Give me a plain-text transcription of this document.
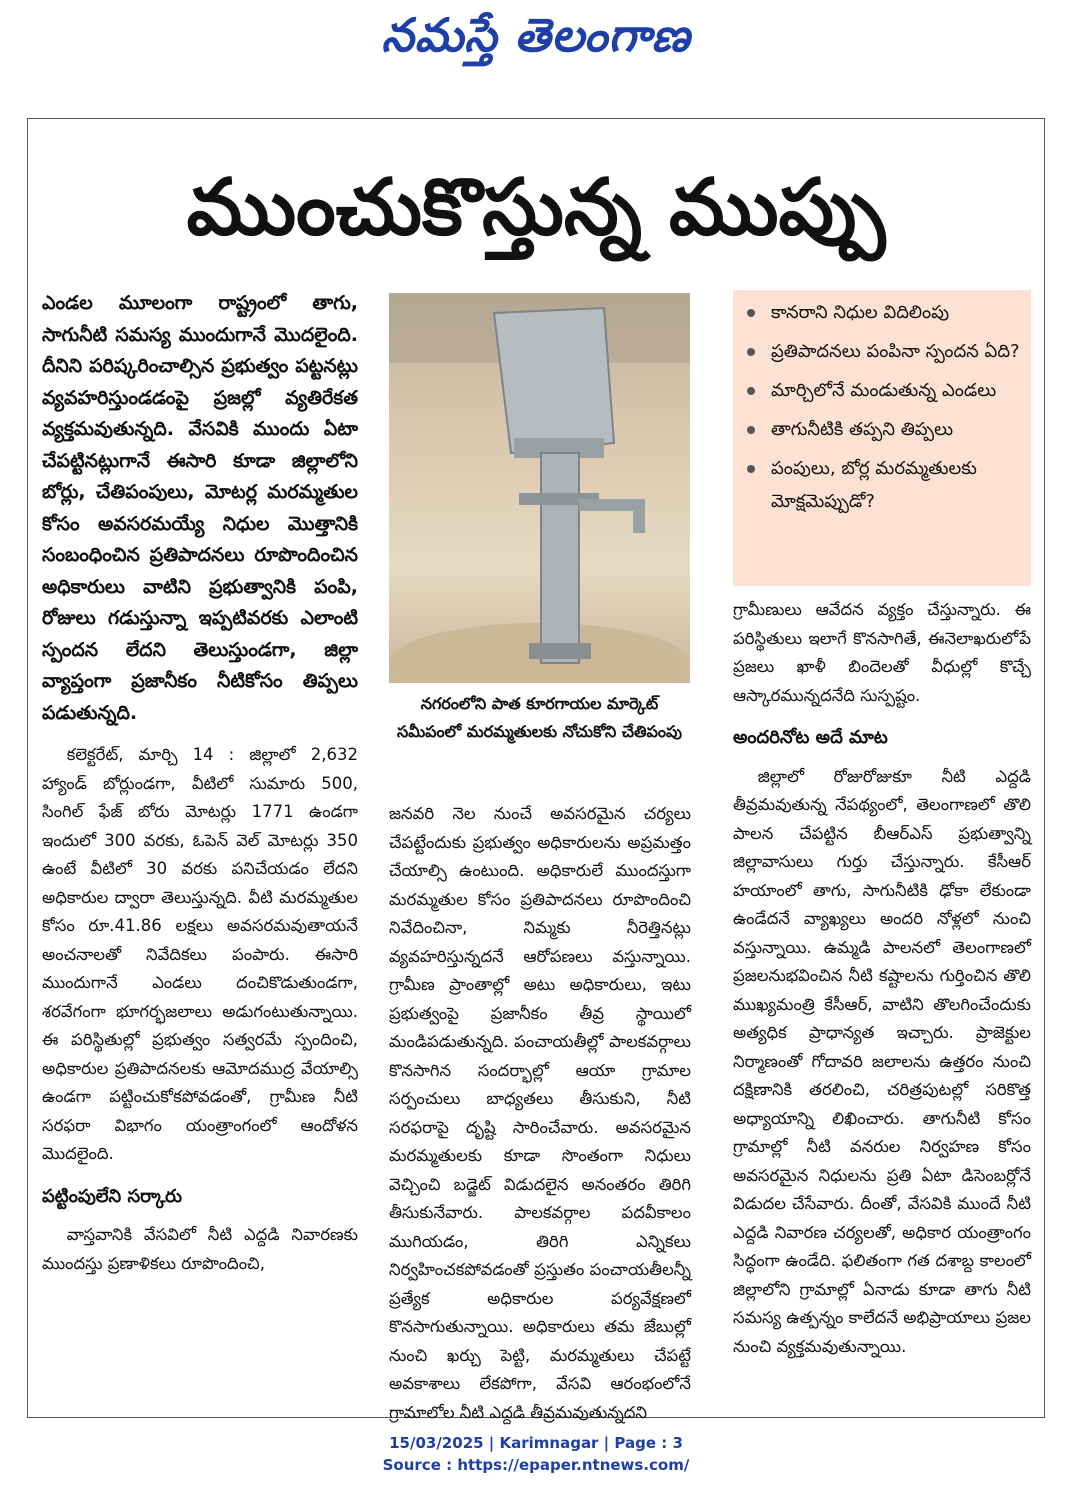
నమస్తే తెలంగాణ
ముంచుకొస్తున్న ముప్పు

ఎండల మూలంగా రాష్ట్రంలో తాగు, సాగునీటి సమస్య ముందుగానే మొదలైంది. దీనిని పరిష్కరించాల్సిన ప్రభుత్వం పట్టనట్లు వ్యవహరిస్తుండడంపై ప్రజల్లో వ్యతిరేకత వ్యక్తమవుతున్నది. వేసవికి ముందు ఏటా చేపట్టినట్లుగానే ఈసారి కూడా జిల్లాలోని బోర్లు, చేతిపంపులు, మోటర్ల మరమ్మతుల కోసం అవసరమయ్యే నిధుల మొత్తానికి సంబంధించిన ప్రతిపాదనలు రూపొందించిన అధికారులు వాటిని ప్రభుత్వానికి పంపి, రోజులు గడుస్తున్నా ఇప్పటివరకు ఎలాంటి స్పందన లేదని తెలుస్తుండగా, జిల్లా వ్యాప్తంగా ప్రజానీకం నీటికోసం తిప్పలు పడుతున్నది.

కలెక్టరేట్, మార్చి 14 : జిల్లాలో 2,632 హ్యాండ్ బోర్లుండగా, వీటిలో సుమారు 500, సింగిల్ ఫేజ్ బోరు మోటర్లు 1771 ఉండగా ఇందులో 300 వరకు, ఓపెన్ వెల్ మోటర్లు 350 ఉంటే వీటిలో 30 వరకు పనిచేయడం లేదని అధికారుల ద్వారా తెలుస్తున్నది. వీటి మరమ్మతుల కోసం రూ.41.86 లక్షలు అవసరమవుతాయనే అంచనాలతో నివేదికలు పంపారు. ఈసారి ముందుగానే ఎండలు దంచికొడుతుండగా, శరవేగంగా భూగర్భజలాలు అడుగంటుతున్నాయి. ఈ పరిస్థితుల్లో ప్రభుత్వం సత్వరమే స్పందించి, అధికారుల ప్రతిపాదనలకు ఆమోదముద్ర వేయాల్సి ఉండగా పట్టించుకోకపోవడంతో, గ్రామీణ నీటి సరఫరా విభాగం యంత్రాంగంలో ఆందోళన మొదలైంది.

పట్టింపులేని సర్కారు

వాస్తవానికి వేసవిలో నీటి ఎద్దడి నివారణకు ముందస్తు ప్రణాళికలు రూపొందించి,

నగరంలోని పాత కూరగాయల మార్కెట్ సమీపంలో మరమ్మతులకు నోచుకోని చేతిపంపు

జనవరి నెల నుంచే అవసరమైన చర్యలు చేపట్టేందుకు ప్రభుత్వం అధికారులను అప్రమత్తం చేయాల్సి ఉంటుంది. అధికారులే ముందస్తుగా మరమ్మతుల కోసం ప్రతిపాదనలు రూపొందించి నివేదించినా, నిమ్మకు నీరెత్తినట్లు వ్యవహరిస్తున్నదనే ఆరోపణలు వస్తున్నాయి. గ్రామీణ ప్రాంతాల్లో అటు అధికారులు, ఇటు ప్రభుత్వంపై ప్రజానీకం తీవ్ర స్థాయిలో మండిపడుతున్నది. పంచాయతీల్లో పాలకవర్గాలు కొనసాగిన సందర్భాల్లో ఆయా గ్రామాల సర్పంచులు బాధ్యతలు తీసుకుని, నీటి సరఫరాపై దృష్టి సారించేవారు. అవసరమైన మరమ్మతులకు కూడా సొంతంగా నిధులు వెచ్చించి బడ్జెట్ విడుదలైన అనంతరం తిరిగి తీసుకునేవారు. పాలకవర్గాల పదవీకాలం ముగియడం, తిరిగి ఎన్నికలు నిర్వహించకపోవడంతో ప్రస్తుతం పంచాయతీలన్నీ ప్రత్యేక అధికారుల పర్యవేక్షణలో కొనసాగుతున్నాయి. అధికారులు తమ జేబుల్లో నుంచి ఖర్చు పెట్టి, మరమ్మతులు చేపట్టే అవకాశాలు లేకపోగా, వేసవి ఆరంభంలోనే గ్రామాలోల నీటి ఎద్దడి తీవ్రమవుతున్నదని

కానరాని నిధుల విదిలింపు
ప్రతిపాదనలు పంపినా స్పందన ఏది?
మార్చిలోనే మండుతున్న ఎండలు
తాగునీటికి తప్పని తిప్పలు
పంపులు, బోర్ల మరమ్మతులకు మోక్షమెప్పుడో?

గ్రామీణులు ఆవేదన వ్యక్తం చేస్తున్నారు. ఈ పరిస్థితులు ఇలాగే కొనసాగితే, ఈనెలాఖరులోపే ప్రజలు ఖాళీ బిందెలతో వీధుల్లో కొచ్చే ఆస్కారమున్నదనేది సుస్పష్టం.

అందరినోట అదే మాట

జిల్లాలో రోజురోజుకూ నీటి ఎద్దడి తీవ్రమవుతున్న నేపథ్యంలో, తెలంగాణలో తొలి పాలన చేపట్టిన బీఆర్ఎస్ ప్రభుత్వాన్ని జిల్లావాసులు గుర్తు చేస్తున్నారు. కేసీఆర్ హయాంలో తాగు, సాగునీటికి ఢోకా లేకుండా ఉండేదనే వ్యాఖ్యలు అందరి నోళ్లలో నుంచి వస్తున్నాయి. ఉమ్మడి పాలనలో తెలంగాణలో ప్రజలనుభవించిన నీటి కష్టాలను గుర్తించిన తొలి ముఖ్యమంత్రి కేసీఆర్, వాటిని తొలగించేందుకు అత్యధిక ప్రాధాన్యత ఇచ్చారు. ప్రాజెక్టుల నిర్మాణంతో గోదావరి జలాలను ఉత్తరం నుంచి దక్షిణానికి తరలించి, చరిత్రపుటల్లో సరికొత్త అధ్యాయాన్ని లిఖించారు. తాగునీటి కోసం గ్రామాల్లో నీటి వనరుల నిర్వహణ కోసం అవసరమైన నిధులను ప్రతి ఏటా డిసెంబర్లోనే విడుదల చేసేవారు. దీంతో, వేసవికి ముందే నీటి ఎద్దడి నివారణ చర్యలతో, అధికార యంత్రాంగం సిద్ధంగా ఉండేది. ఫలితంగా గత దశాబ్ద కాలంలో జిల్లాలోని గ్రామాల్లో ఏనాడు కూడా తాగు నీటి సమస్య ఉత్పన్నం కాలేదనే అభిప్రాయాలు ప్రజల నుంచి వ్యక్తమవుతున్నాయి.

15/03/2025 | Karimnagar | Page : 3
Source : https://epaper.ntnews.com/
